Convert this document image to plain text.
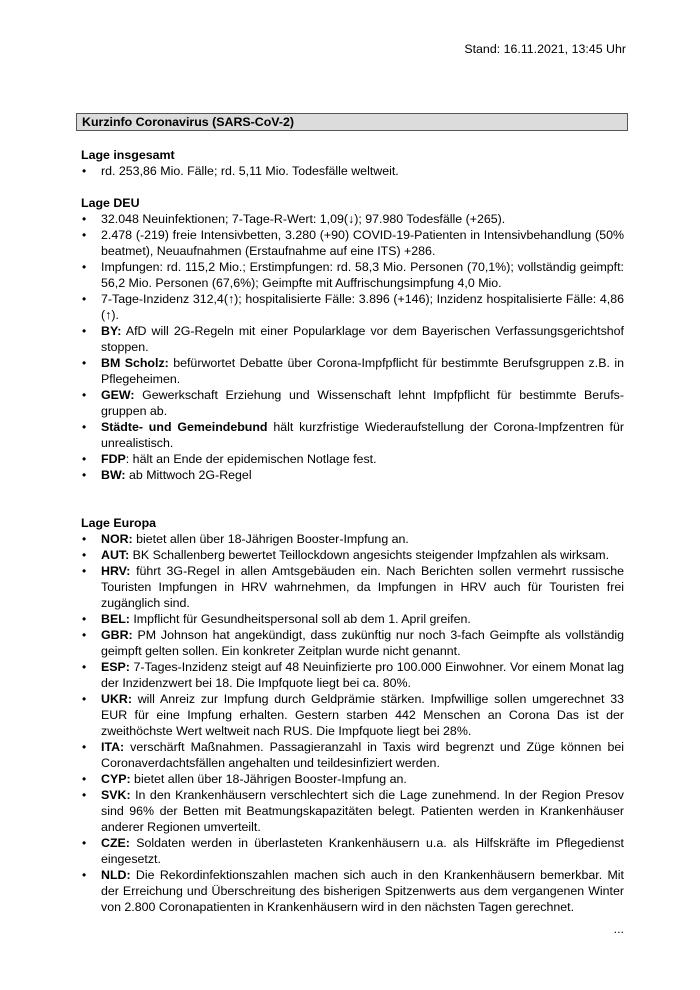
Stand: 16.11.2021, 13:45 Uhr
Kurzinfo Coronavirus (SARS-CoV-2)
Lage insgesamt
• rd. 253,86 Mio. Fälle; rd. 5,11 Mio. Todesfälle weltweit.
Lage DEU
• 32.048 Neuinfektionen; 7-Tage-R-Wert: 1,09(↓); 97.980 Todesfälle (+265).
• 2.478 (-219) freie Intensivbetten, 3.280 (+90) COVID-19-Patienten in Intensivbehandlung (50% beatmet), Neuaufnahmen (Erstaufnahme auf eine ITS) +286.
• Impfungen: rd. 115,2 Mio.; Erstimpfungen: rd. 58,3 Mio. Personen (70,1%); vollständig geimpft: 56,2 Mio. Personen (67,6%); Geimpfte mit Auffrischungsimpfung 4,0 Mio.
• 7-Tage-Inzidenz 312,4(↑); hospitalisierte Fälle: 3.896 (+146); Inzidenz hospitalisierte Fälle: 4,86 (↑).
• BY: AfD will 2G-Regeln mit einer Popularklage vor dem Bayerischen Verfassungsgerichtshof stoppen.
• BM Scholz: befürwortet Debatte über Corona-Impfpflicht für bestimmte Berufsgruppen z.B. in Pflegeheimen.
• GEW: Gewerkschaft Erziehung und Wissenschaft lehnt Impfpflicht für bestimmte Berufsgruppen ab.
• Städte- und Gemeindebund hält kurzfristige Wiederaufstellung der Corona-Impfzentren für unrealistisch.
• FDP: hält an Ende der epidemischen Notlage fest.
• BW: ab Mittwoch 2G-Regel
Lage Europa
• NOR: bietet allen über 18-Jährigen Booster-Impfung an.
• AUT: BK Schallenberg bewertet Teillockdown angesichts steigender Impfzahlen als wirksam.
• HRV: führt 3G-Regel in allen Amtsgebäuden ein. Nach Berichten sollen vermehrt russische Touristen Impfungen in HRV wahrnehmen, da Impfungen in HRV auch für Touristen frei zugänglich sind.
• BEL: Impflicht für Gesundheitspersonal soll ab dem 1. April greifen.
• GBR: PM Johnson hat angekündigt, dass zukünftig nur noch 3-fach Geimpfte als vollständig geimpft gelten sollen. Ein konkreter Zeitplan wurde nicht genannt.
• ESP: 7-Tages-Inzidenz steigt auf 48 Neuinfizierte pro 100.000 Einwohner. Vor einem Monat lag der Inzidenzwert bei 18. Die Impfquote liegt bei ca. 80%.
• UKR: will Anreiz zur Impfung durch Geldprämie stärken. Impfwillige sollen umgerechnet 33 EUR für eine Impfung erhalten. Gestern starben 442 Menschen an Corona Das ist der zweithöchste Wert weltweit nach RUS. Die Impfquote liegt bei 28%.
• ITA: verschärft Maßnahmen. Passagieranzahl in Taxis wird begrenzt und Züge können bei Coronaverdachtsfällen angehalten und teildesinfiziert werden.
• CYP: bietet allen über 18-Jährigen Booster-Impfung an.
• SVK: In den Krankenhäusern verschlechtert sich die Lage zunehmend. In der Region Presov sind 96% der Betten mit Beatmungskapazitäten belegt. Patienten werden in Krankenhäuser anderer Regionen umverteilt.
• CZE: Soldaten werden in überlasteten Krankenhäusern u.a. als Hilfskräfte im Pflegedienst eingesetzt.
• NLD: Die Rekordinfektionszahlen machen sich auch in den Krankenhäusern bemerkbar. Mit der Erreichung und Überschreitung des bisherigen Spitzenwerts aus dem vergangenen Winter von 2.800 Coronapatienten in Krankenhäusern wird in den nächsten Tagen gerechnet.
...
